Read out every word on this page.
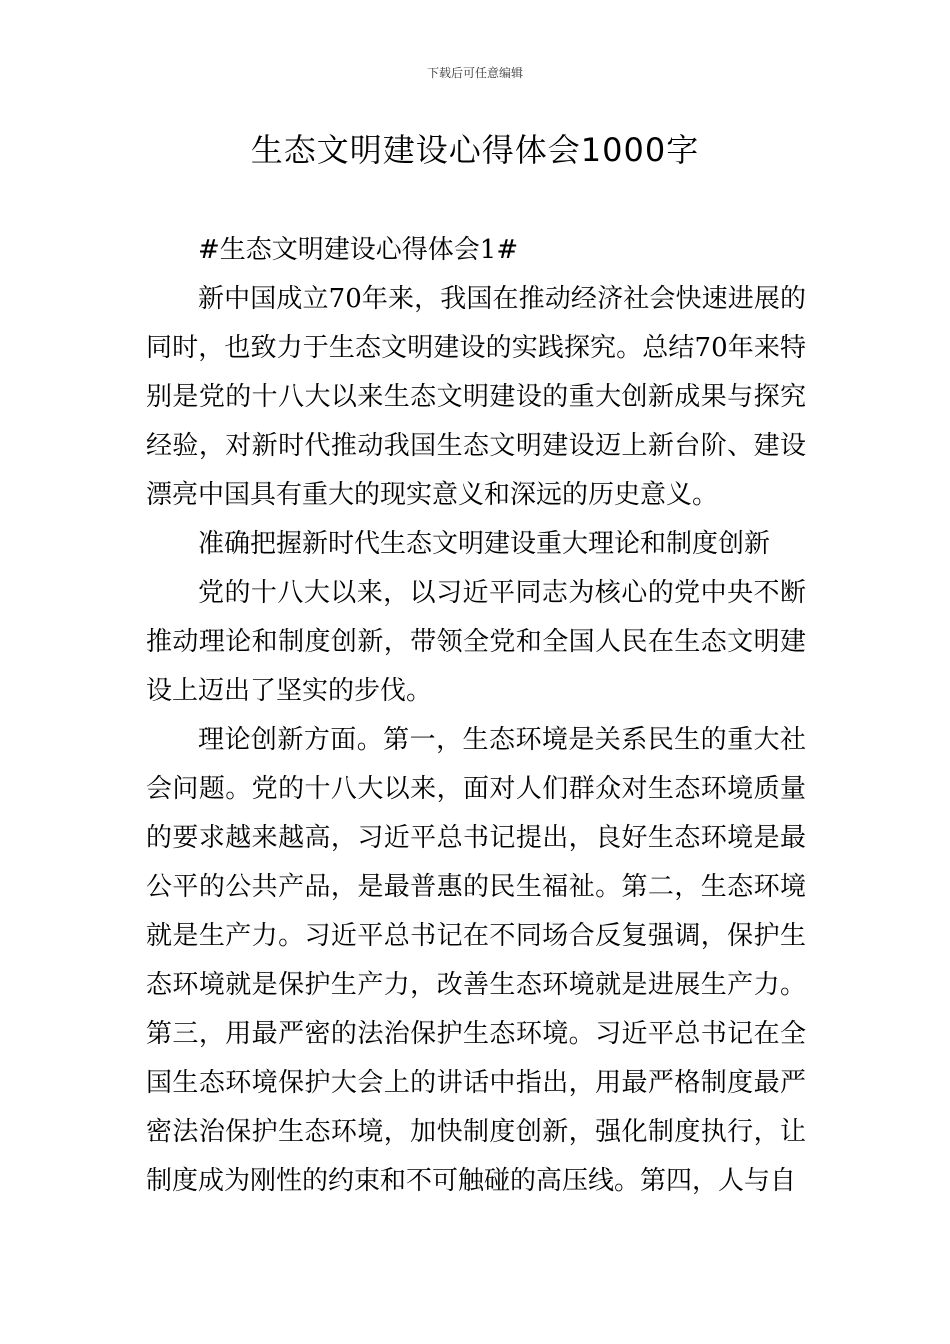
下载后可任意编辑
生态文明建设心得体会1000字

#生态文明建设心得体会1#

新中国成立70年来，我国在推动经济社会快速进展的同时，也致力于生态文明建设的实践探究。总结70年来特别是党的十八大以来生态文明建设的重大创新成果与探究经验，对新时代推动我国生态文明建设迈上新台阶、建设漂亮中国具有重大的现实意义和深远的历史意义。

准确把握新时代生态文明建设重大理论和制度创新

党的十八大以来，以习近平同志为核心的党中央不断推动理论和制度创新，带领全党和全国人民在生态文明建设上迈出了坚实的步伐。

理论创新方面。第一，生态环境是关系民生的重大社会问题。党的十八大以来，面对人们群众对生态环境质量的要求越来越高，习近平总书记提出，良好生态环境是最公平的公共产品，是最普惠的民生福祉。第二，生态环境就是生产力。习近平总书记在不同场合反复强调，保护生态环境就是保护生产力，改善生态环境就是进展生产力。第三，用最严密的法治保护生态环境。习近平总书记在全国生态环境保护大会上的讲话中指出，用最严格制度最严密法治保护生态环境，加快制度创新，强化制度执行，让制度成为刚性的约束和不可触碰的高压线。第四，人与自
